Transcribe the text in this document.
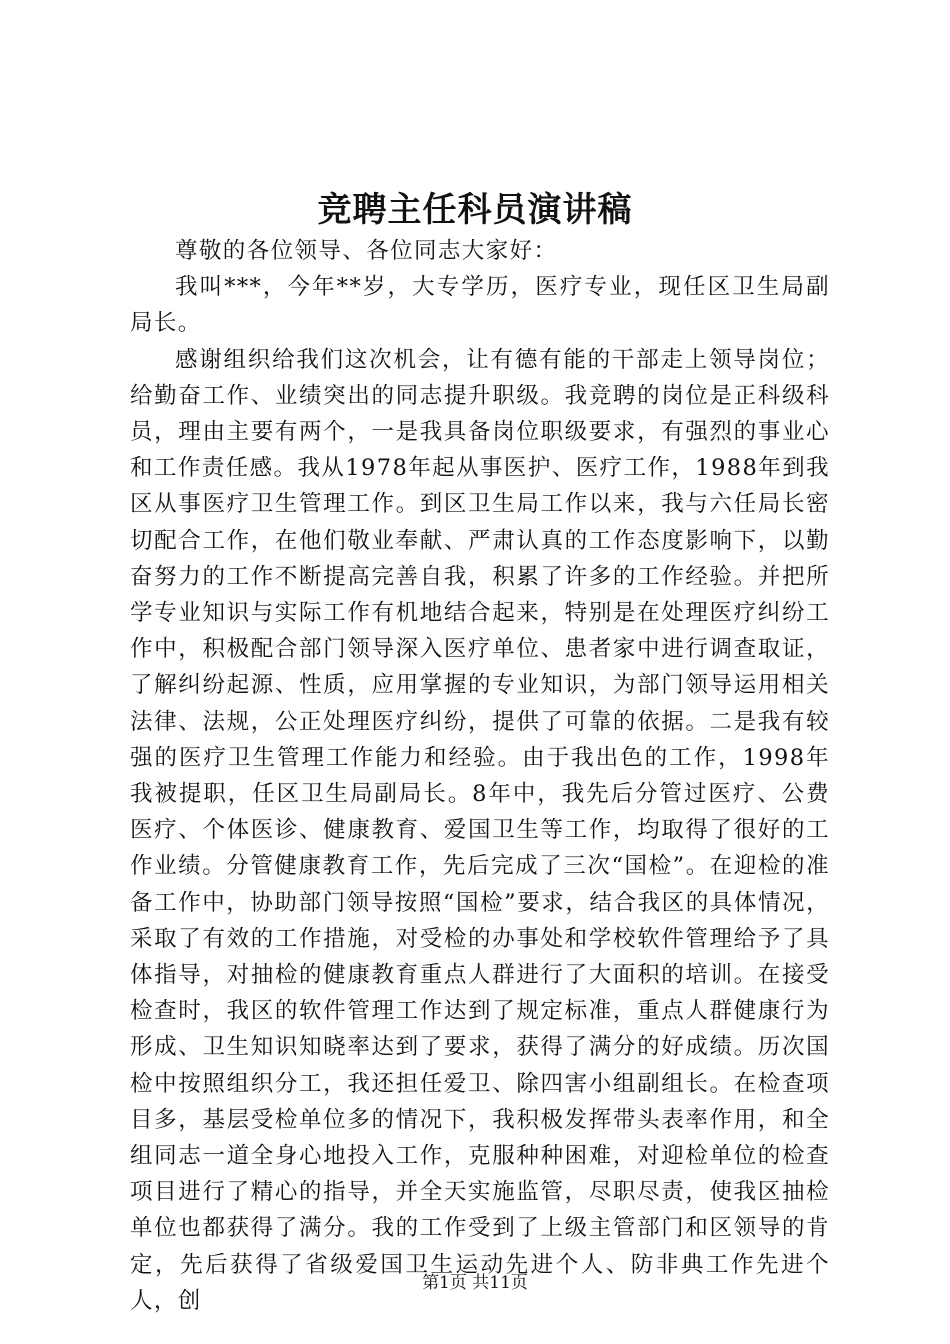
竞聘主任科员演讲稿

尊敬的各位领导、各位同志大家好：

我叫***，今年**岁，大专学历，医疗专业，现任区卫生局副局长。

感谢组织给我们这次机会，让有德有能的干部走上领导岗位；给勤奋工作、业绩突出的同志提升职级。我竞聘的岗位是正科级科员，理由主要有两个，一是我具备岗位职级要求，有强烈的事业心和工作责任感。我从1978年起从事医护、医疗工作，1988年到我区从事医疗卫生管理工作。到区卫生局工作以来，我与六任局长密切配合工作，在他们敬业奉献、严肃认真的工作态度影响下，以勤奋努力的工作不断提高完善自我，积累了许多的工作经验。并把所学专业知识与实际工作有机地结合起来，特别是在处理医疗纠纷工作中，积极配合部门领导深入医疗单位、患者家中进行调查取证，了解纠纷起源、性质，应用掌握的专业知识，为部门领导运用相关法律、法规，公正处理医疗纠纷，提供了可靠的依据。二是我有较强的医疗卫生管理工作能力和经验。由于我出色的工作，1998年我被提职，任区卫生局副局长。8年中，我先后分管过医疗、公费医疗、个体医诊、健康教育、爱国卫生等工作，均取得了很好的工作业绩。分管健康教育工作，先后完成了三次“国检”。在迎检的准备工作中，协助部门领导按照“国检”要求，结合我区的具体情况，采取了有效的工作措施，对受检的办事处和学校软件管理给予了具体指导，对抽检的健康教育重点人群进行了大面积的培训。在接受检查时，我区的软件管理工作达到了规定标准，重点人群健康行为形成、卫生知识知晓率达到了要求，获得了满分的好成绩。历次国检中按照组织分工，我还担任爱卫、除四害小组副组长。在检查项目多，基层受检单位多的情况下，我积极发挥带头表率作用，和全组同志一道全身心地投入工作，克服种种困难，对迎检单位的检查项目进行了精心的指导，并全天实施监管，尽职尽责，使我区抽检单位也都获得了满分。我的工作受到了上级主管部门和区领导的肯定，先后获得了省级爱国卫生运动先进个人、防非典工作先进个人，创

第1页 共11页
